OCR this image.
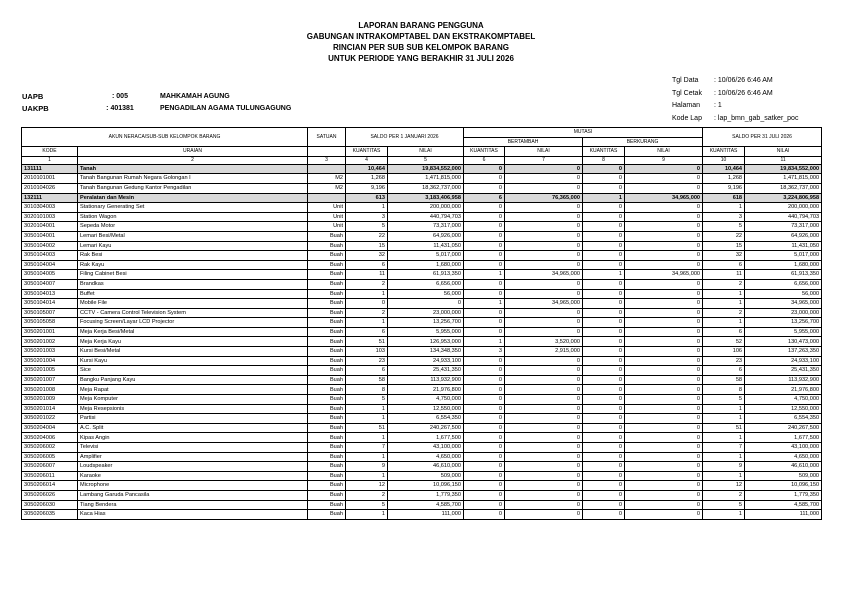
LAPORAN BARANG PENGGUNA
GABUNGAN INTRAKOMPTABEL DAN EKSTRAKOMPTABEL
RINCIAN PER SUB SUB KELOMPOK BARANG
UNTUK PERIODE YANG BERAKHIR 31 JULI 2026
Tgl Data	: 10/06/26 6:46 AM
Tgl Cetak	: 10/06/26 6:46 AM
Halaman	: 1
Kode Lap	: lap_bmn_gab_satker_poc
UAPB	: 005	MAHKAMAH AGUNG
UAKPB	: 401381	PENGADILAN AGAMA TULUNGAGUNG
AKUN NERACA/SUB-SUB KELOMPOK BARANG		SATUAN	SALDO PER 1 JANUARI 2026		MUTASI				SALDO PER 31 JULI 2026	
					BERTAMBAH		BERKURANG			
KODE	URAIAN		KUANTITAS	NILAI	KUANTITAS	NILAI	KUANTITAS	NILAI	KUANTITAS	NILAI
1	2	3	4	5	6	7	8	9	10	11
131111	Tanah		10,464	19,834,552,000	0	0	0	0	10,464	19,834,552,000
2010101001	Tanah Bangunan Rumah Negara Golongan I	M2	1,268	1,471,815,000	0	0	0	0	1,268	1,471,815,000
2010104026	Tanah Bangunan Gedung Kantor Pengadilan	M2	9,196	18,362,737,000	0	0	0	0	9,196	18,362,737,000
132111	Peralatan dan Mesin		613	3,183,406,958	6	76,365,000	1	34,965,000	618	3,224,806,958
3010304003	Stationary Generating Set	Unit	1	200,000,000	0	0	0	0	1	200,000,000
3020101003	Station Wagon	Unit	3	440,794,703	0	0	0	0	3	440,794,703
3020104001	Sepeda Motor	Unit	5	73,317,000	0	0	0	0	5	73,317,000
3050104001	Lemari Besi/Metal	Buah	22	64,926,000	0	0	0	0	22	64,926,000
3050104002	Lemari Kayu	Buah	15	11,431,050	0	0	0	0	15	11,431,050
3050104003	Rak Besi	Buah	32	5,017,000	0	0	0	0	32	5,017,000
3050104004	Rak Kayu	Buah	6	1,680,000	0	0	0	0	6	1,680,000
3050104005	Filing Cabinet Besi	Buah	11	61,913,350	1	34,965,000	1	34,965,000	11	61,913,350
3050104007	Brandkas	Buah	2	6,656,000	0	0	0	0	2	6,656,000
3050104013	Buffet	Buah	1	56,000	0	0	0	0	1	56,000
3050104014	Mobile File	Buah	0	0	1	34,965,000	0	0	1	34,965,000
3050105007	CCTV - Camera Control Television System	Buah	2	23,000,000	0	0	0	0	2	23,000,000
3050105058	Focusing Screen/Layar LCD Projector	Buah	1	13,256,700	0	0	0	0	1	13,256,700
3050201001	Meja Kerja Besi/Metal	Buah	6	5,955,000	0	0	0	0	6	5,955,000
3050201002	Meja Kerja Kayu	Buah	51	126,953,000	1	3,520,000	0	0	52	130,473,000
3050201003	Kursi Besi/Metal	Buah	103	134,348,350	3	2,915,000	0	0	106	137,263,350
3050201004	Kursi Kayu	Buah	23	24,933,100	0	0	0	0	23	24,933,100
3050201005	Sice	Buah	6	25,431,350	0	0	0	0	6	25,431,350
3050201007	Bangku Panjang Kayu	Buah	58	113,932,900	0	0	0	0	58	113,932,900
3050201008	Meja Rapat	Buah	8	21,976,800	0	0	0	0	8	21,976,800
3050201009	Meja Komputer	Buah	5	4,750,000	0	0	0	0	5	4,750,000
3050201014	Meja Resepsionis	Buah	1	12,550,000	0	0	0	0	1	12,550,000
3050201022	Partisi	Buah	1	6,554,350	0	0	0	0	1	6,554,350
3050204004	A.C. Split	Buah	51	240,267,500	0	0	0	0	51	240,267,500
3050204006	Kipas Angin	Buah	1	1,677,500	0	0	0	0	1	1,677,500
3050206002	Televisi	Buah	7	43,100,000	0	0	0	0	7	43,100,000
3050206005	Amplifier	Buah	1	4,650,000	0	0	0	0	1	4,650,000
3050206007	Loudspeaker	Buah	9	46,610,000	0	0	0	0	9	46,610,000
3050206011	Karaoke	Buah	1	509,000	0	0	0	0	1	509,000
3050206014	Microphone	Buah	12	10,096,150	0	0	0	0	12	10,096,150
3050206026	Lambang Garuda Pancasila	Buah	2	1,779,350	0	0	0	0	2	1,779,350
3050206030	Tiang Bendera	Buah	5	4,585,700	0	0	0	0	5	4,585,700
3050206035	Kaca Hias	Buah	1	111,000	0	0	0	0	1	111,000
